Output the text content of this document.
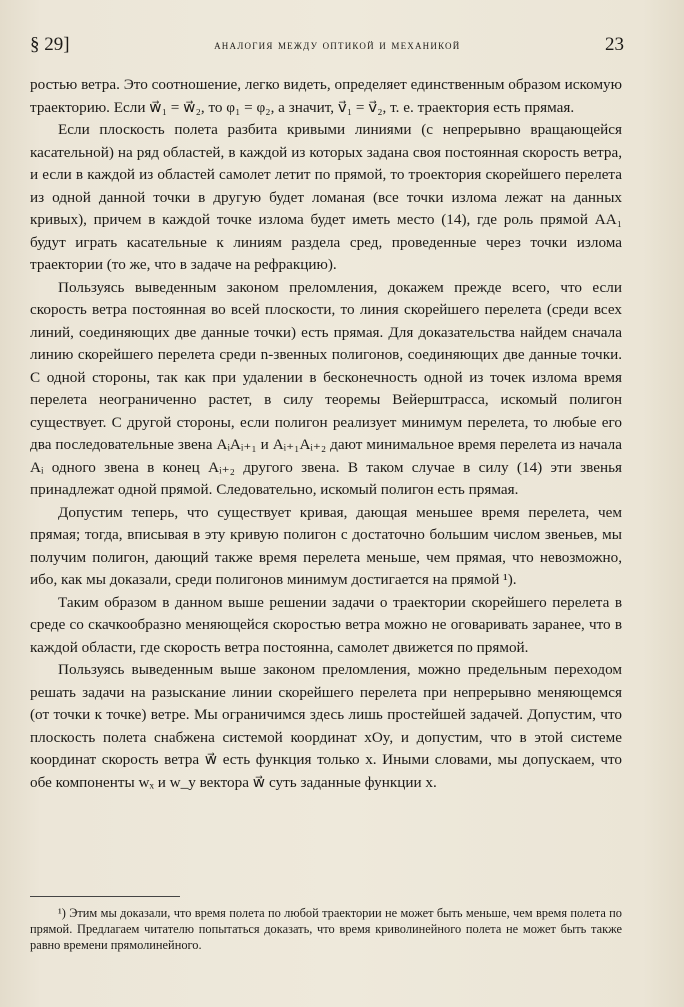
§ 29]	аналогия между оптикой и механикой	23

ростью ветра. Это соотношение, легко видеть, определяет единственным образом искомую траекторию. Если w⃗₁ = w⃗₂, то φ₁ = φ₂, а значит, v⃗₁ = v⃗₂, т. е. траектория есть прямая.

Если плоскость полета разбита кривыми линиями (с непрерывно вращающейся касательной) на ряд областей, в каждой из которых задана своя постоянная скорость ветра, и если в каждой из областей самолет летит по прямой, то троектория скорейшего перелета из одной данной точки в другую будет ломаная (все точки излома лежат на данных кривых), причем в каждой точке излома будет иметь место (14), где роль прямой AA₁ будут играть касательные к линиям раздела сред, проведенные через точки излома траектории (то же, что в задаче на рефракцию).

Пользуясь выведенным законом преломления, докажем прежде всего, что если скорость ветра постоянная во всей плоскости, то линия скорейшего перелета (среди всех линий, соединяющих две данные точки) есть прямая. Для доказательства найдем сначала линию скорейшего перелета среди n-звенных полигонов, соединяющих две данные точки. С одной стороны, так как при удалении в бесконечность одной из точек излома время перелета неограниченно растет, в силу теоремы Вейерштрасса, искомый полигон существует. С другой стороны, если полигон реализует минимум перелета, то любые его два последовательные звена AᵢAᵢ₊₁ и Aᵢ₊₁Aᵢ₊₂ дают минимальное время перелета из начала Aᵢ одного звена в конец Aᵢ₊₂ другого звена. В таком случае в силу (14) эти звенья принадлежат одной прямой. Следовательно, искомый полигон есть прямая.

Допустим теперь, что существует кривая, дающая меньшее время перелета, чем прямая; тогда, вписывая в эту кривую полигон с достаточно большим числом звеньев, мы получим полигон, дающий также время перелета меньше, чем прямая, что невозможно, ибо, как мы доказали, среди полигонов минимум достигается на прямой ¹).

Таким образом в данном выше решении задачи о траектории скорейшего перелета в среде со скачкообразно меняющейся скоростью ветра можно не оговаривать заранее, что в каждой области, где скорость ветра постоянна, самолет движется по прямой.

Пользуясь выведенным выше законом преломления, можно предельным переходом решать задачи на разыскание линии скорейшего перелета при непрерывно меняющемся (от точки к точке) ветре. Мы ограничимся здесь лишь простейшей задачей. Допустим, что плоскость полета снабжена системой координат xOy, и допустим, что в этой системе координат скорость ветра w⃗ есть функция только x. Иными словами, мы допускаем, что обе компоненты wₓ и w_y вектора w⃗ суть заданные функции x.

¹) Этим мы доказали, что время полета по любой траектории не может быть меньше, чем время полета по прямой. Предлагаем читателю попытаться доказать, что время криволинейного полета не может быть также равно времени прямолинейного.
